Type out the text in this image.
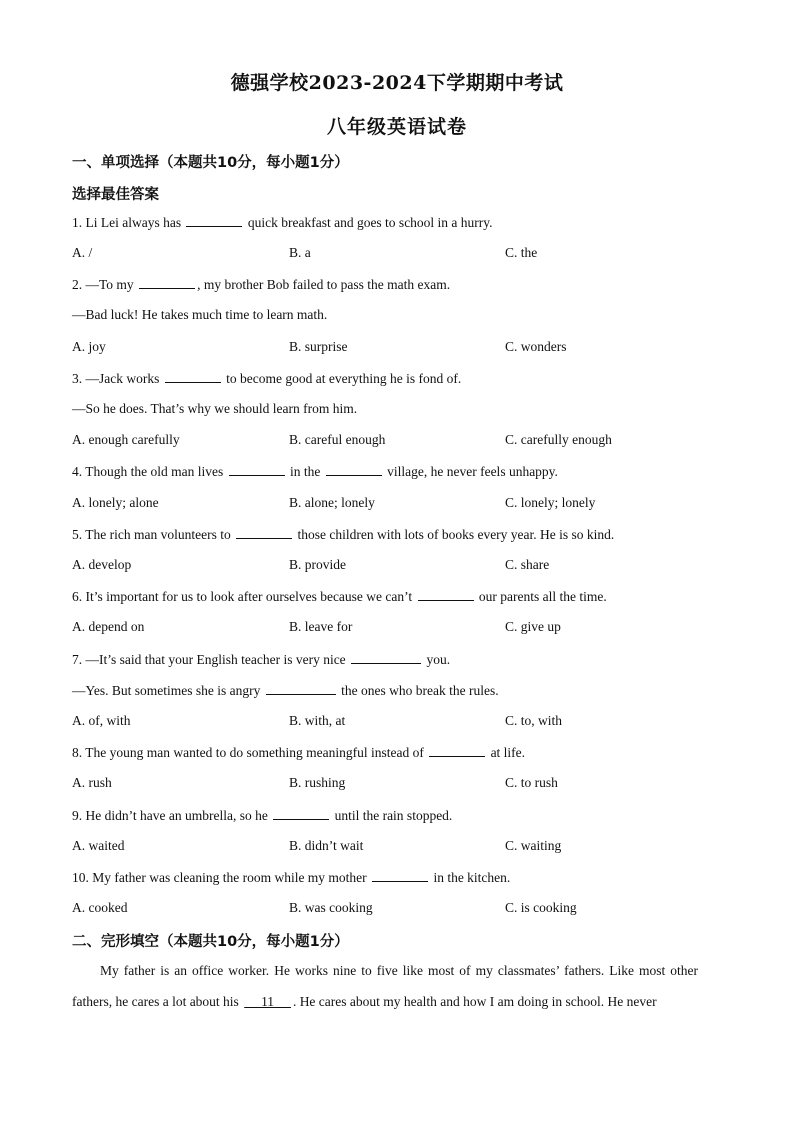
德强学校2023-2024下学期期中考试
八年级英语试卷
一、单项选择（本题共10分，每小题1分）
选择最佳答案
1. Li Lei always has	quick breakfast and goes to school in a hurry.
A. /	B. a	C. the
2. —To my	, my brother Bob failed to pass the math exam.
—Bad luck! He takes much time to learn math.
A. joy	B. surprise	C. wonders
3. —Jack works	to become good at everything he is fond of.
—So he does. That’s why we should learn from him.
A. enough carefully	B. careful enough	C. carefully enough
4. Though the old man lives	in the	village, he never feels unhappy.
A. lonely; alone	B. alone; lonely	C. lonely; lonely
5. The rich man volunteers to	those children with lots of books every year. He is so kind.
A. develop	B. provide	C. share
6. It’s important for us to look after ourselves because we can’t	our parents all the time.
A. depend on	B. leave for	C. give up
7. —It’s said that your English teacher is very nice	you.
—Yes. But sometimes she is angry	the ones who break the rules.
A. of, with	B. with, at	C. to, with
8. The young man wanted to do something meaningful instead of	at life.
A. rush	B. rushing	C. to rush
9. He didn’t have an umbrella, so he	until the rain stopped.
A. waited	B. didn’t wait	C. waiting
10. My father was cleaning the room while my mother	in the kitchen.
A. cooked	B. was cooking	C. is cooking
二、完形填空（本题共10分，每小题1分）
My father is an office worker. He works nine to five like most of my classmates’ fathers. Like most other fathers, he cares a lot about his      11 . He cares about my health and how I am doing in school. He never
